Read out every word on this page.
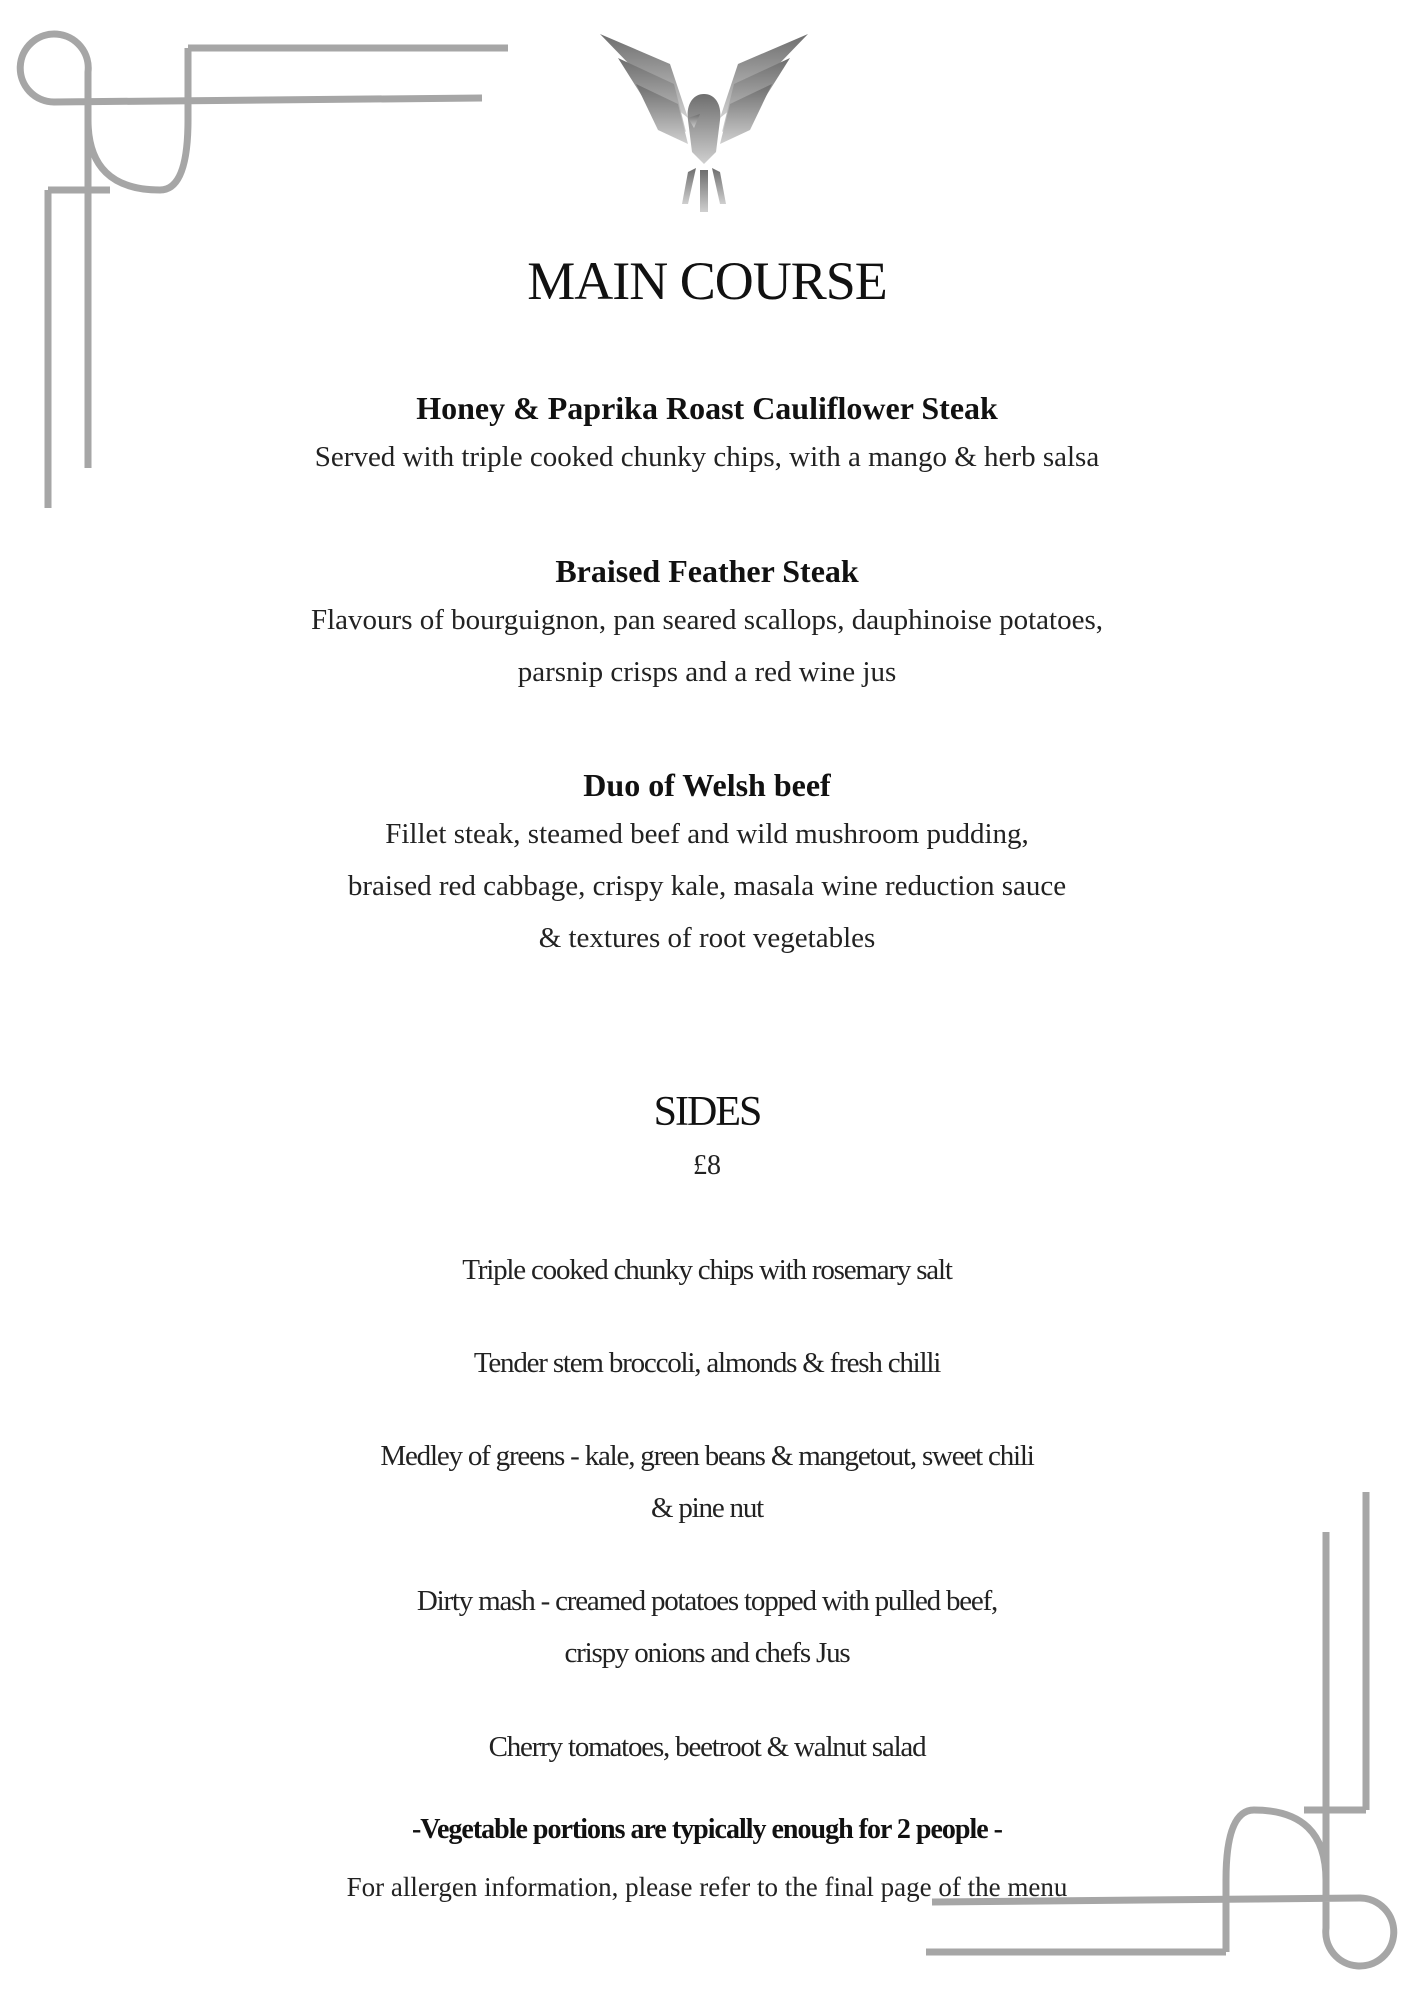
MAIN COURSE

Honey & Paprika Roast Cauliflower Steak

Served with triple cooked chunky chips, with a mango & herb salsa

Braised Feather Steak

Flavours of bourguignon, pan seared scallops, dauphinoise potatoes,

parsnip crisps and a red wine jus

Duo of Welsh beef

Fillet steak, steamed beef and wild mushroom pudding,

braised red cabbage, crispy kale, masala wine reduction sauce

& textures of root vegetables

SIDES
£8

Triple cooked chunky chips with rosemary salt

Tender stem broccoli, almonds & fresh chilli

Medley of greens - kale, green beans & mangetout, sweet chili

& pine nut

Dirty mash - creamed potatoes topped with pulled beef,

crispy onions and chefs Jus

Cherry tomatoes, beetroot & walnut salad

-Vegetable portions are typically enough for 2 people -
For allergen information, please refer to the final page of the menu
